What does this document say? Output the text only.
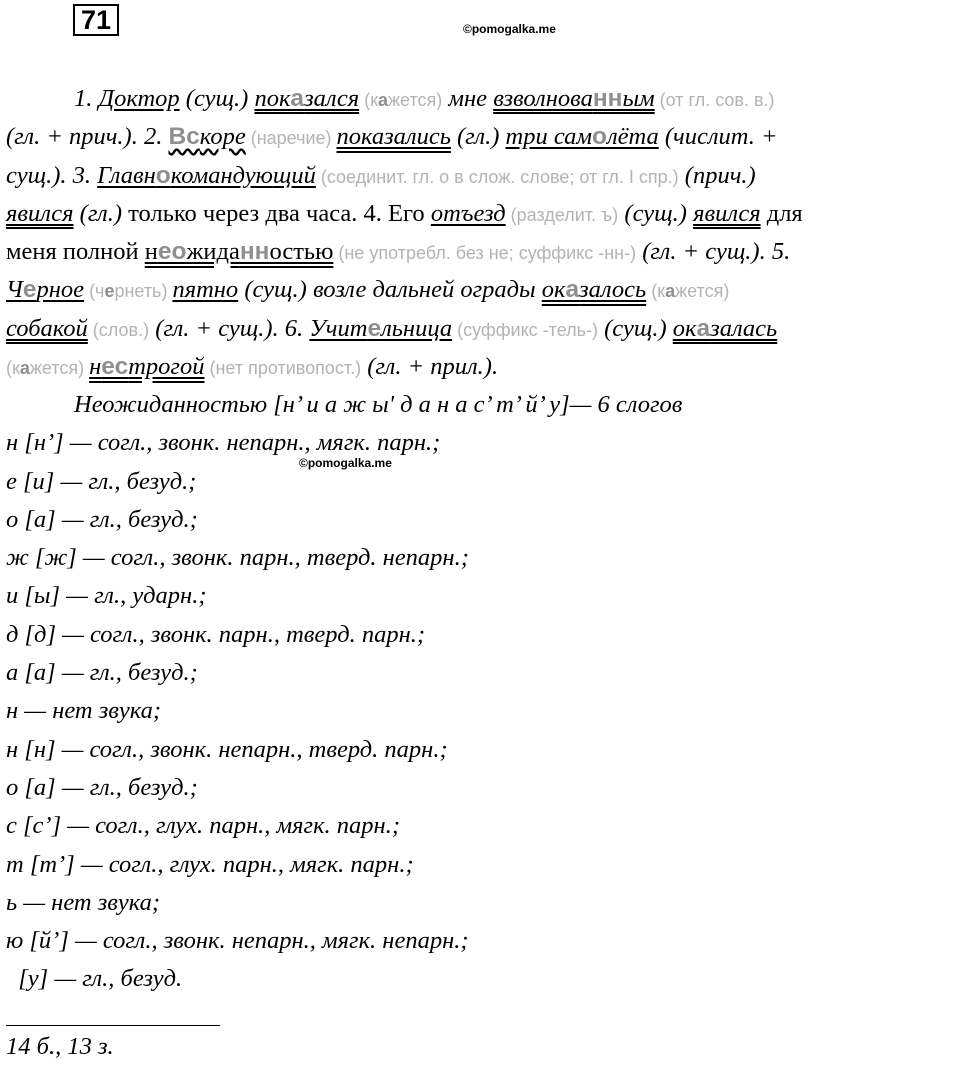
71	©pomogalka.me
©pomogalka.me
1. Доктор (сущ.) показался (кажется) мне взволнованным (от гл. сов. в.)
(гл. + прич.). 2. Вскоре (наречие) показались (гл.) три самолёта (числит. +
сущ.). 3. Главнокомандующий (соединит. гл. о в слож. слове; от гл. I спр.) (прич.)
явился (гл.) только через два часа. 4. Его отъезд (разделит. ъ) (сущ.) явился для
меня полной неожиданностью (не употребл. без не; суффикс -нн-) (гл. + сущ.). 5.
Черное (чернеть) пятно (сущ.) возле дальней ограды оказалось (кажется)
собакой (слов.) (гл. + сущ.). 6. Учительница (суффикс -тель-) (сущ.) оказалась
(кажется) нестрогой (нет противопост.) (гл. + прил.).
Неожиданностью [н’ и а ж ы' д а н а с’ т’ й’ у]— 6 слогов
н [н’] — согл., звонк. непарн., мягк. парн.;
е [и] — гл., безуд.;
о [а] — гл., безуд.;
ж [ж] — согл., звонк. парн., тверд. непарн.;
и [ы] — гл., ударн.;
д [д] — согл., звонк. парн., тверд. парн.;
а [а] — гл., безуд.;
н — нет звука;
н [н] — согл., звонк. непарн., тверд. парн.;
о [а] — гл., безуд.;
с [с’] — согл., глух. парн., мягк. парн.;
т [т’] — согл., глух. парн., мягк. парн.;
ь — нет звука;
ю [й’] — согл., звонк. непарн., мягк. непарн.;
[у] — гл., безуд.
14 б., 13 з.
